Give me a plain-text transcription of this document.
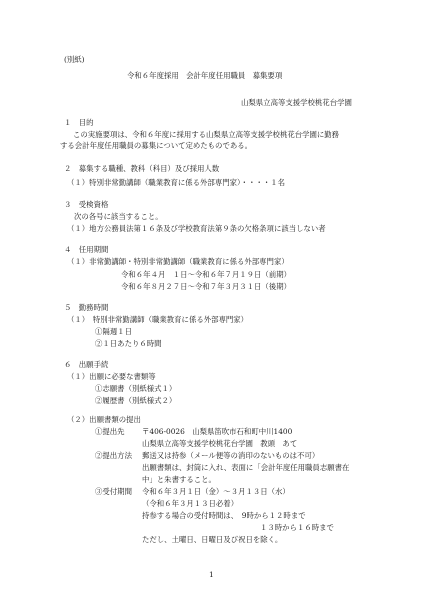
(別紙)
令和６年度採用　会計年度任用職員　募集要項
山梨県立高等支援学校桃花台学園
１　目的
この実施要項は、令和６年度に採用する山梨県立高等支援学校桃花台学園に勤務
する会計年度任用職員の募集について定めたものである。
２　募集する職種、教科（科目）及び採用人数
（１）特別非常勤講師（職業教育に係る外部専門家）・・・・１名
３　受検資格
次の各号に該当すること。
（１）地方公務員法第１６条及び学校教育法第９条の欠格条項に該当しない者
４　任用期間
（１）非常勤講師・特別非常勤講師（職業教育に係る外部専門家）
令和６年４月　１日～令和６年７月１９日（前期）
令和６年８月２７日～令和７年３月３１日（後期）
５　勤務時間
（１）　特別非常勤講師（職業教育に係る外部専門家）
①隔週１日
②１日あたり６時間
６　出願手続
（１）出願に必要な書類等
①志願書（別紙様式１）
②履歴書（別紙様式２）
（２）出願書類の提出
①提出先 〒406-0026　山梨県笛吹市石和町中川1400
山梨県立高等支援学校桃花台学園　教頭　あて
②提出方法 郵送又は持参（メール便等の消印のないものは不可）
出願書類は、封筒に入れ、表面に「会計年度任用職員志願書在
中」と朱書すること。
③受付期間 令和６年３月１日（金）～３月１３日（水）
（令和６年３月１３日必着）
持参する場合の受付時間は、　9時から１２時まで
１３時から１６時まで
ただし、土曜日、日曜日及び祝日を除く。
1
